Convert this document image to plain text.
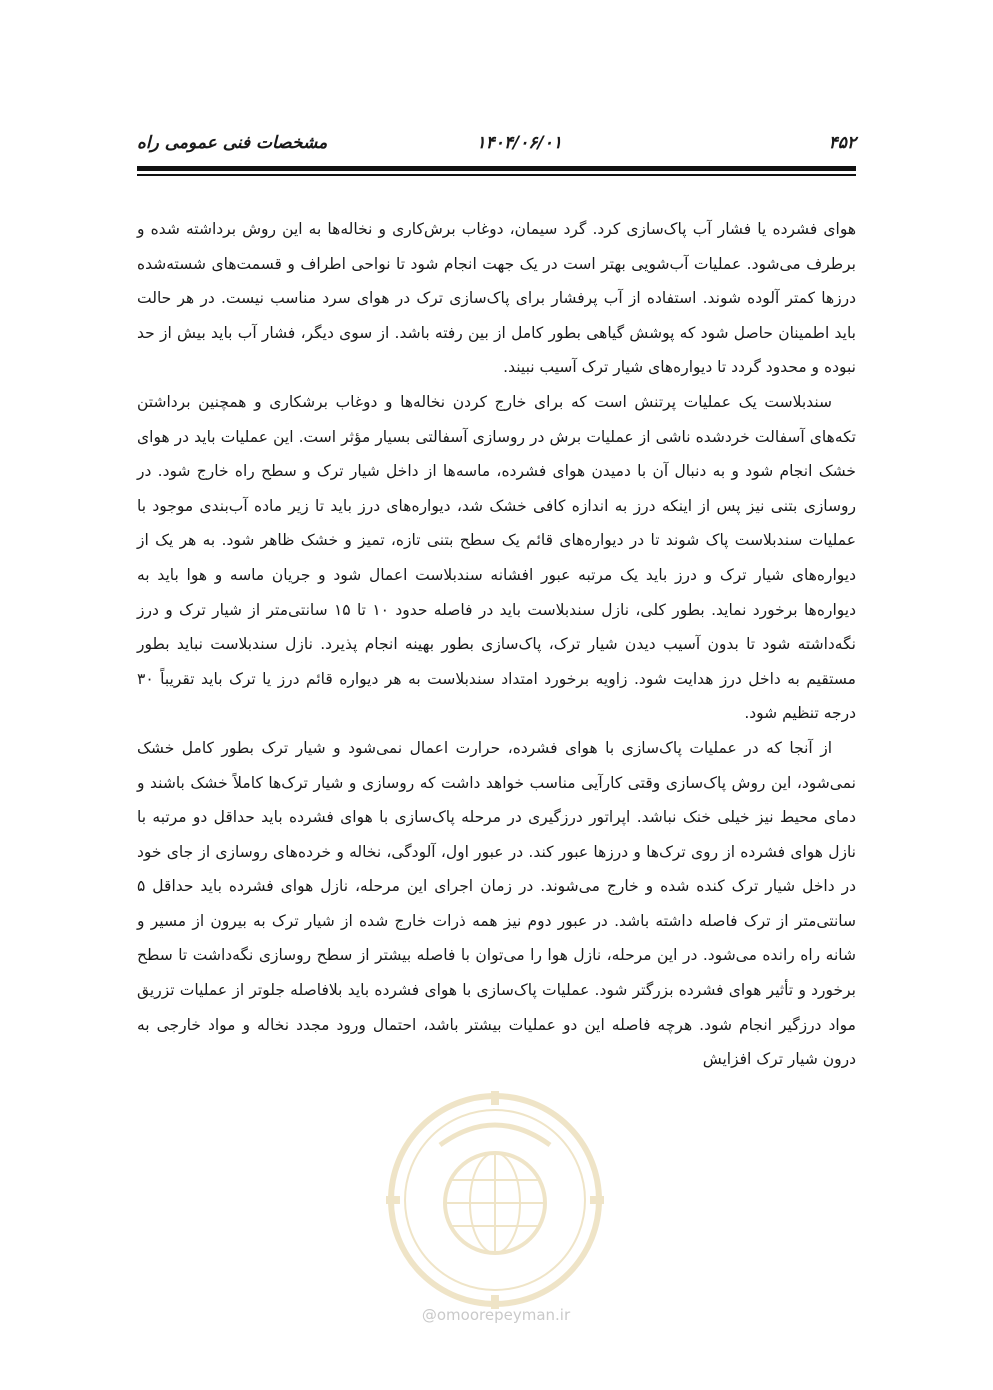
۴۵۲
۱۴۰۴/۰۶/۰۱
مشخصات فنی عمومی راه

هوای فشرده یا فشار آب پاک‌سازی کرد. گرد سیمان، دوغاب برش‌کاری و نخاله‌ها به این روش برداشته شده و برطرف می‌شود. عملیات آب‌شویی بهتر است در یک جهت انجام شود تا نواحی اطراف و قسمت‌های شسته‌شده درزها کمتر آلوده شوند. استفاده از آب پرفشار برای پاک‌سازی ترک در هوای سرد مناسب نیست. در هر حالت باید اطمینان حاصل شود که پوشش گیاهی بطور کامل از بین رفته باشد. از سوی دیگر، فشار آب باید بیش از حد نبوده و محدود گردد تا دیواره‌های شیار ترک آسیب نبیند.

سندبلاست یک عملیات پرتنش است که برای خارج کردن نخاله‌ها و دوغاب برشکاری و همچنین برداشتن تکه‌های آسفالت خردشده ناشی از عملیات برش در روسازی آسفالتی بسیار مؤثر است. این عملیات باید در هوای خشک انجام شود و به دنبال آن با دمیدن هوای فشرده، ماسه‌ها از داخل شیار ترک و سطح راه خارج شود. در روسازی بتنی نیز پس از اینکه درز به اندازه کافی خشک شد، دیواره‌های درز باید تا زیر ماده آب‌بندی موجود با عملیات سندبلاست پاک شوند تا در دیواره‌های قائم یک سطح بتنی تازه، تمیز و خشک ظاهر شود. به هر یک از دیواره‌های شیار ترک و درز باید یک مرتبه عبور افشانه سندبلاست اعمال شود و جریان ماسه و هوا باید به دیواره‌ها برخورد نماید. بطور کلی، نازل سندبلاست باید در فاصله حدود ۱۰ تا ۱۵ سانتی‌متر از شیار ترک و درز نگه‌داشته شود تا بدون آسیب دیدن شیار ترک، پاک‌سازی بطور بهینه انجام پذیرد. نازل سندبلاست نباید بطور مستقیم به داخل درز هدایت شود. زاویه برخورد امتداد سندبلاست به هر دیواره قائم درز یا ترک باید تقریباً ۳۰ درجه تنظیم شود.

از آنجا که در عملیات پاک‌سازی با هوای فشرده، حرارت اعمال نمی‌شود و شیار ترک بطور کامل خشک نمی‌شود، این روش پاک‌سازی وقتی کارآیی مناسب خواهد داشت که روسازی و شیار ترک‌ها کاملاً خشک باشند و دمای محیط نیز خیلی خنک نباشد. اپراتور درزگیری در مرحله پاک‌سازی با هوای فشرده باید حداقل دو مرتبه با نازل هوای فشرده از روی ترک‌ها و درزها عبور کند. در عبور اول، آلودگی، نخاله و خرده‌های روسازی از جای خود در داخل شیار ترک کنده شده و خارج می‌شوند. در زمان اجرای این مرحله، نازل هوای فشرده باید حداقل ۵ سانتی‌متر از ترک فاصله داشته باشد. در عبور دوم نیز همه ذرات خارج شده از شیار ترک به بیرون از مسیر و شانه راه رانده می‌شود. در این مرحله، نازل هوا را می‌توان با فاصله بیشتر از سطح روسازی نگه‌داشت تا سطح برخورد و تأثیر هوای فشرده بزرگتر شود. عملیات پاک‌سازی با هوای فشرده باید بلافاصله جلوتر از عملیات تزریق مواد درزگیر انجام شود. هرچه فاصله این دو عملیات بیشتر باشد، احتمال ورود مجدد نخاله و مواد خارجی به درون شیار ترک افزایش

@omoorepeyman.ir
